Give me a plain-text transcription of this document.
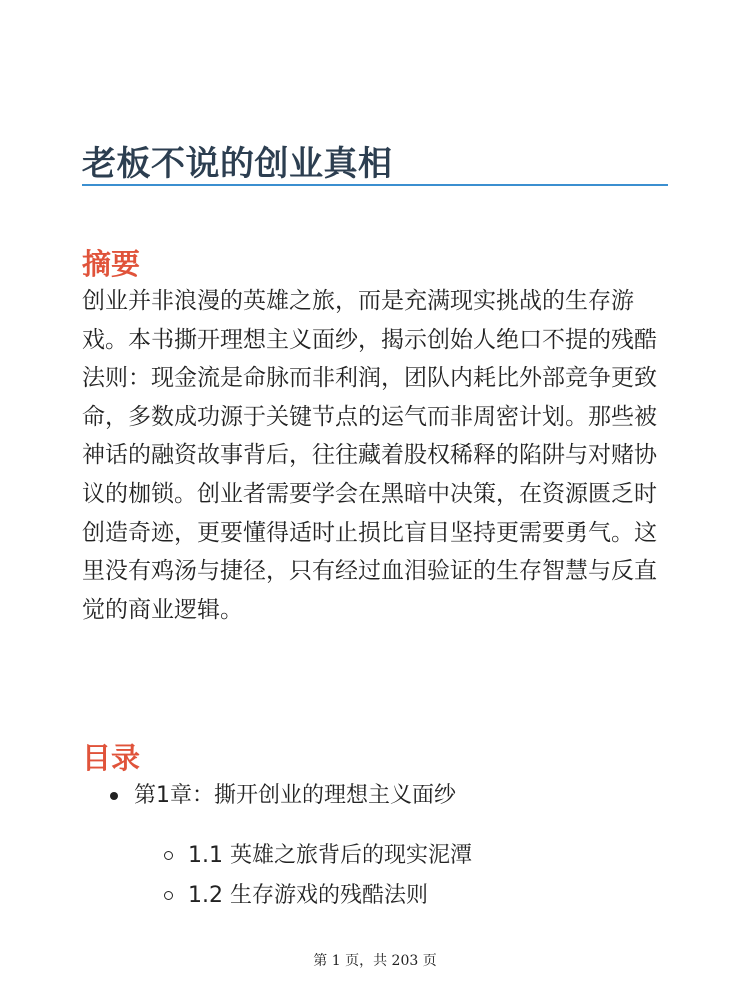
老板不说的创业真相
摘要

创业并非浪漫的英雄之旅，而是充满现实挑战的生存游戏。本书撕开理想主义面纱，揭示创始人绝口不提的残酷法则：现金流是命脉而非利润，团队内耗比外部竞争更致命，多数成功源于关键节点的运气而非周密计划。那些被神话的融资故事背后，往往藏着股权稀释的陷阱与对赌协议的枷锁。创业者需要学会在黑暗中决策，在资源匮乏时创造奇迹，更要懂得适时止损比盲目坚持更需要勇气。这里没有鸡汤与捷径，只有经过血泪验证的生存智慧与反直觉的商业逻辑。

目录
第1章：撕开创业的理想主义面纱
1.1 英雄之旅背后的现实泥潭
1.2 生存游戏的残酷法则
第 1 页，共 203 页
